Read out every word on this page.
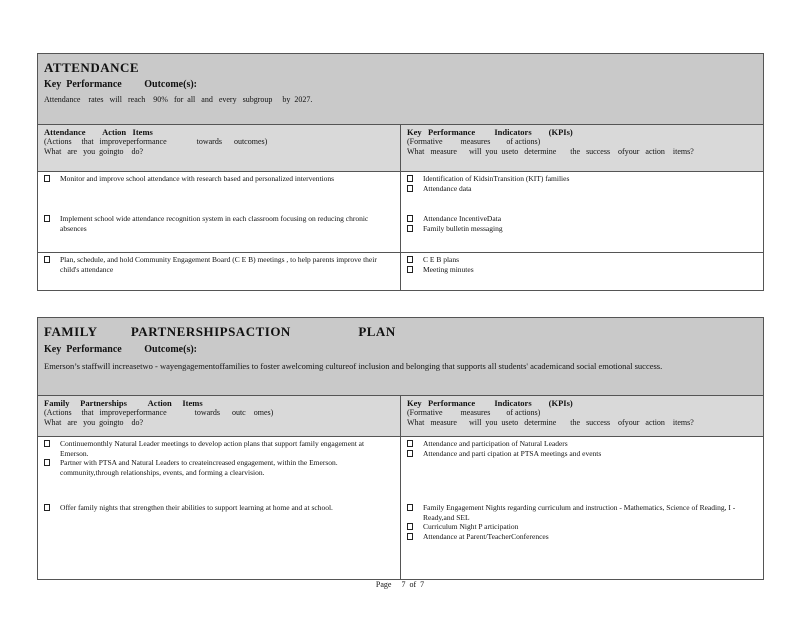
ATTENDANCE
Key  Performance         Outcome(s):
Attendance    rates   will   reach    90%   for  all   and   every   subgroup     by  2027.
Attendance        Action   Items
(Actions     that   improveperformance               towards      outcomes)
What   are   you  goingto    do?
Key   Performance         Indicators        (KPIs)
(Formative         measures        of actions)
What   measure      will  you  useto   determine       the   success    ofyour   action    items?
Monitor and improve school attendance with research based and personalized interventions	Identification of KidsinTransition (KIT) families
Attendance data
Implement school wide attendance recognition system in each classroom focusing on reducing chronic absences
Attendance IncentiveData
Family bulletin messaging
Plan, schedule, and hold Community Engagement Board (C E B) meetings , to help parents improve their child's attendance
C E B plans
Meeting minutes
FAMILY         PARTNERSHIPSACTION                  PLAN
Key  Performance         Outcome(s):
Emerson’s staffwill increasetwo - wayengagementoffamilies to foster awelcoming cultureof inclusion and belonging that supports all students' academicand social emotional success.
Family     Partnerships          Action     Items
(Actions     that   improveperformance              towards      outc    omes)
What   are   you  goingto    do?
Key   Performance         Indicators        (KPIs)
(Formative         measures        of actions)
What   measure      will  you  useto   determine       the   success    ofyour   action    items?
Continuemonthly Natural Leader meetings to develop action plans that support family engagement at Emerson.
Partner with PTSA and Natural Leaders to createincreased engagement, within the Emerson. community,through relationships, events, and forming a clearvision.
Attendance and participation of Natural Leaders
Attendance and parti cipation at PTSA meetings and events
Offer family nights that strengthen their abilities to support learning at home and at school.	Family Engagement Nights regarding curriculum and instruction - Mathematics, Science of Reading, I - Ready,and SEL
Curriculum Night P articipation
Attendance at Parent/TeacherConferences
Page     7  of  7
